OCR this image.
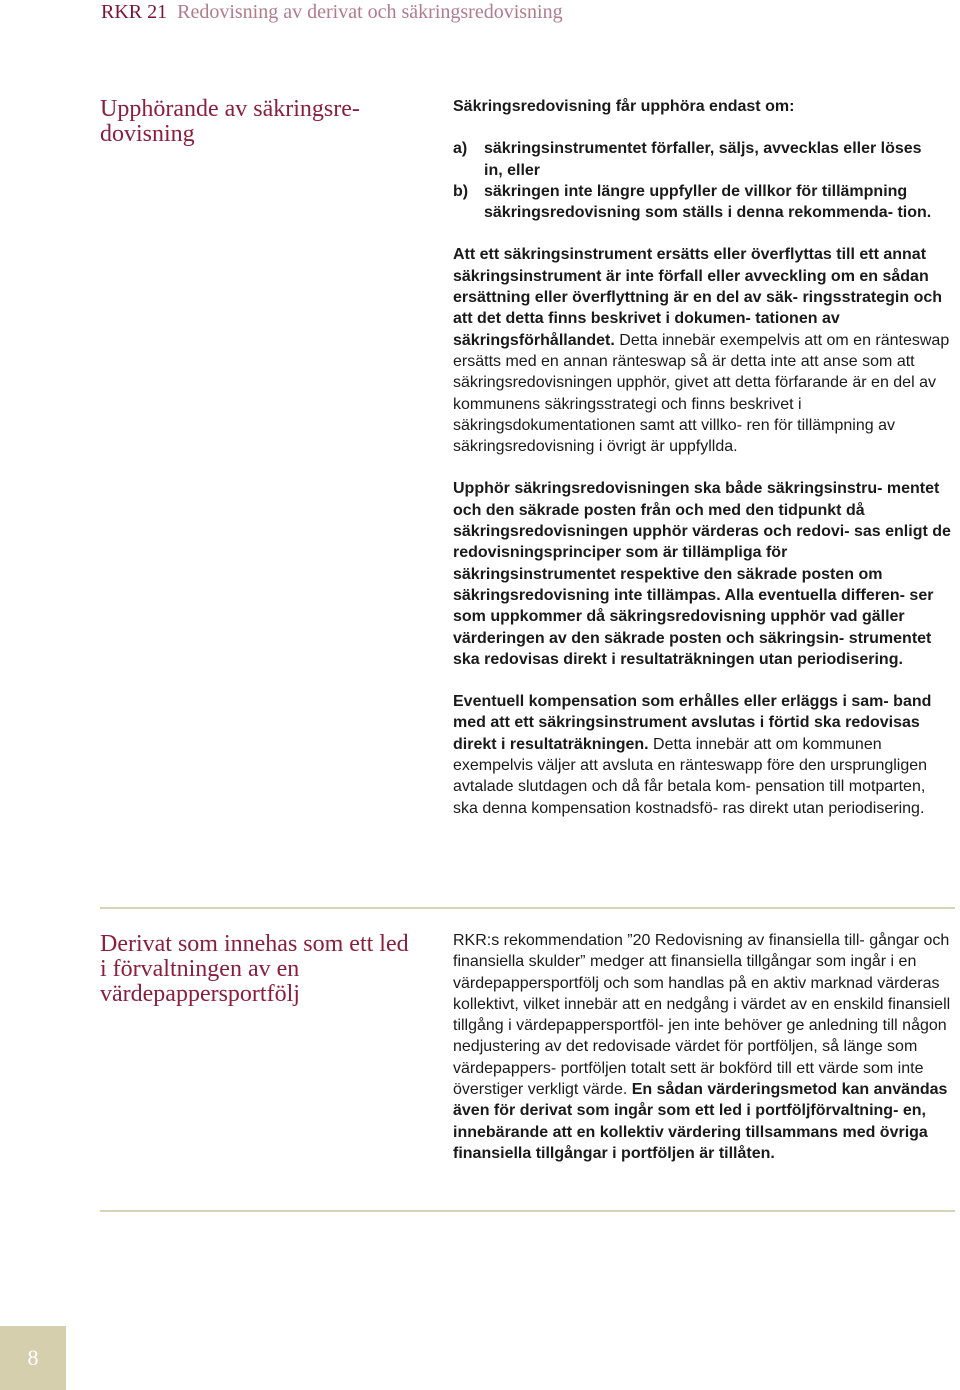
RKR 21 Redovisning av derivat och säkringsredovisning
Upphörande av säkringsre-
dovisning

Säkringsredovisning får upphöra endast om:

a)	säkringsinstrumentet förfaller, säljs, avvecklas eller löses in, eller
b) säkringen inte längre uppfyller de villkor för tillämpning säkringsredovisning som ställs i denna rekommenda- tion.

Att ett säkringsinstrument ersätts eller överflyttas till ett annat säkringsinstrument är inte förfall eller avveckling om en sådan ersättning eller överflyttning är en del av säk- ringsstrategin och att det detta finns beskrivet i dokumen- tationen av säkringsförhållandet. Detta innebär exempelvis att om en ränteswap ersätts med en annan ränteswap så är detta inte att anse som att säkringsredovisningen upphör, givet att detta förfarande är en del av kommunens säkringsstrategi och finns beskrivet i säkringsdokumentationen samt att villko- ren för tillämpning av säkringsredovisning i övrigt är uppfyllda.

Upphör säkringsredovisningen ska både säkringsinstru- mentet och den säkrade posten från och med den tidpunkt då säkringsredovisningen upphör värderas och redovi- sas enligt de redovisningsprinciper som är tillämpliga för säkringsinstrumentet respektive den säkrade posten om säkringsredovisning inte tillämpas. Alla eventuella differen- ser som uppkommer då säkringsredovisning upphör vad gäller värderingen av den säkrade posten och säkringsin- strumentet ska redovisas direkt i resultaträkningen utan periodisering.

Eventuell kompensation som erhålles eller erläggs i sam- band med att ett säkringsinstrument avslutas i förtid ska redovisas direkt i resultaträkningen. Detta innebär att om kommunen exempelvis väljer att avsluta en ränteswapp före den ursprungligen avtalade slutdagen och då får betala kom- pensation till motparten, ska denna kompensation kostnadsfö- ras direkt utan periodisering.

Derivat som innehas som ett led i förvaltningen av en värdepappersportfölj

RKR:s rekommendation ”20 Redovisning av finansiella till- gångar och finansiella skulder” medger att finansiella tillgångar som ingår i en värdepappersportfölj och som handlas på en aktiv marknad värderas kollektivt, vilket innebär att en nedgång i värdet av en enskild finansiell tillgång i värdepappersportföl- jen inte behöver ge anledning till någon nedjustering av det redovisade värdet för portföljen, så länge som värdepappers- portföljen totalt sett är bokförd till ett värde som inte överstiger verkligt värde. En sådan värderingsmetod kan användas även för derivat som ingår som ett led i portföljförvaltning- en, innebärande att en kollektiv värdering tillsammans med övriga finansiella tillgångar i portföljen är tillåten.

8
